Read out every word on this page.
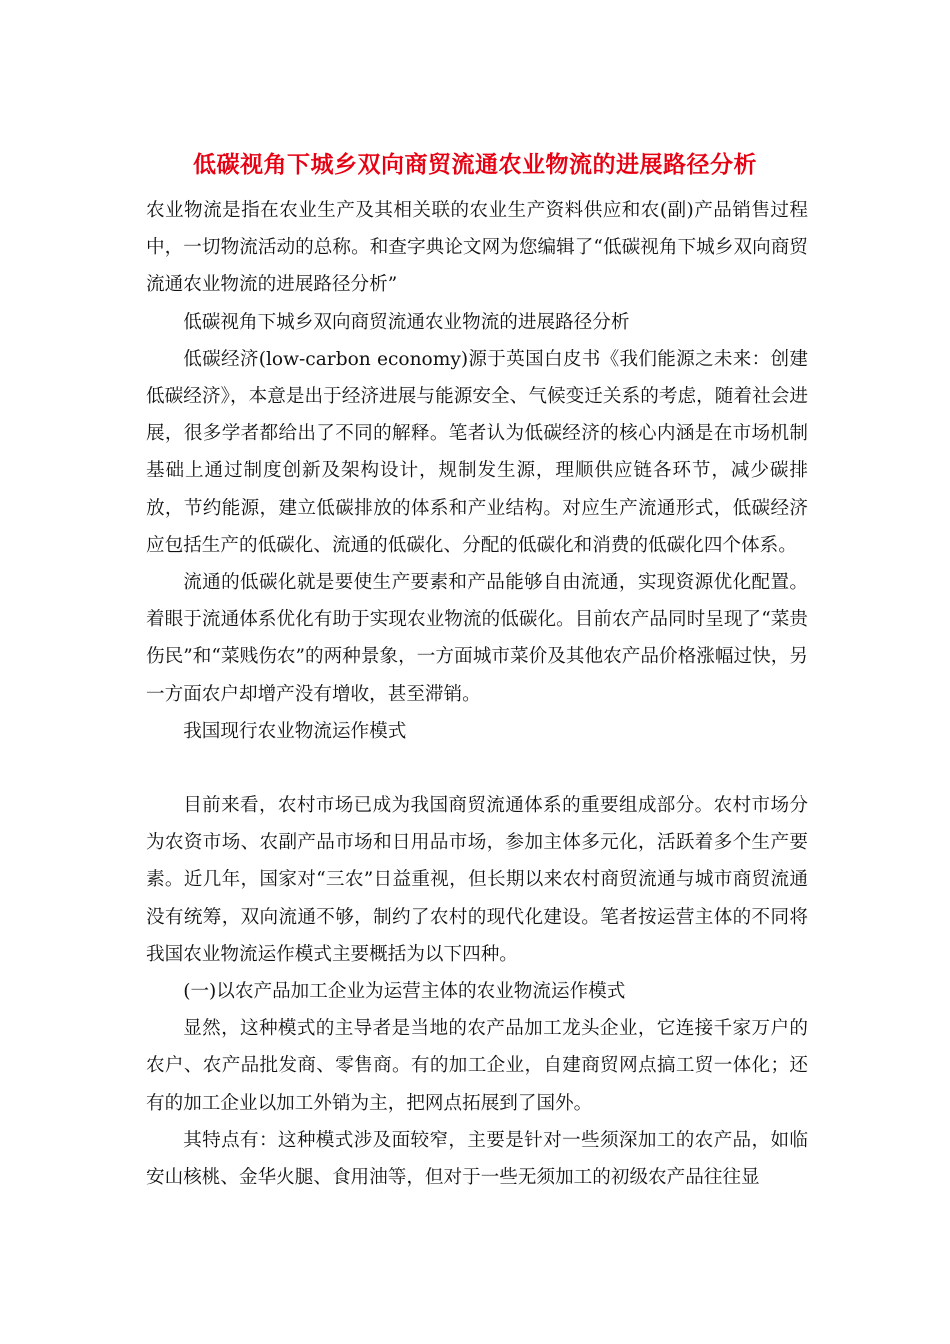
低碳视角下城乡双向商贸流通农业物流的进展路径分析

农业物流是指在农业生产及其相关联的农业生产资料供应和农(副)产品销售过程中，一切物流活动的总称。和查字典论文网为您编辑了“低碳视角下城乡双向商贸流通农业物流的进展路径分析”

低碳视角下城乡双向商贸流通农业物流的进展路径分析

低碳经济(low-carbon economy)源于英国白皮书《我们能源之未来：创建低碳经济》，本意是出于经济进展与能源安全、气候变迁关系的考虑，随着社会进展，很多学者都给出了不同的解释。笔者认为低碳经济的核心内涵是在市场机制基础上通过制度创新及架构设计，规制发生源，理顺供应链各环节，减少碳排放，节约能源，建立低碳排放的体系和产业结构。对应生产流通形式，低碳经济应包括生产的低碳化、流通的低碳化、分配的低碳化和消费的低碳化四个体系。

流通的低碳化就是要使生产要素和产品能够自由流通，实现资源优化配置。着眼于流通体系优化有助于实现农业物流的低碳化。目前农产品同时呈现了“菜贵伤民”和“菜贱伤农”的两种景象，一方面城市菜价及其他农产品价格涨幅过快，另一方面农户却增产没有增收，甚至滞销。

我国现行农业物流运作模式

目前来看，农村市场已成为我国商贸流通体系的重要组成部分。农村市场分为农资市场、农副产品市场和日用品市场，参加主体多元化，活跃着多个生产要素。近几年，国家对“三农”日益重视，但长期以来农村商贸流通与城市商贸流通没有统筹，双向流通不够，制约了农村的现代化建设。笔者按运营主体的不同将我国农业物流运作模式主要概括为以下四种。

(一)以农产品加工企业为运营主体的农业物流运作模式

显然，这种模式的主导者是当地的农产品加工龙头企业，它连接千家万户的农户、农产品批发商、零售商。有的加工企业，自建商贸网点搞工贸一体化；还有的加工企业以加工外销为主，把网点拓展到了国外。

其特点有：这种模式涉及面较窄，主要是针对一些须深加工的农产品，如临安山核桃、金华火腿、食用油等，但对于一些无须加工的初级农产品往往显
